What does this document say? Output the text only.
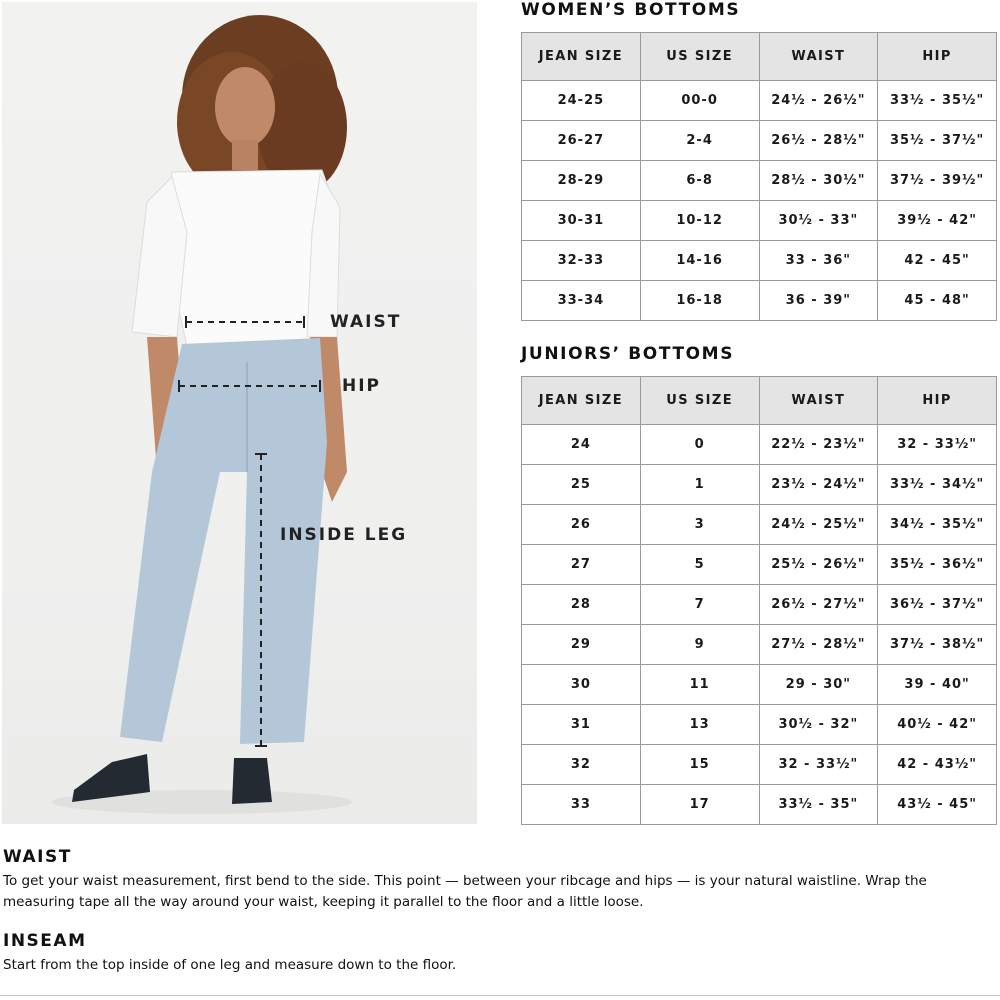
WAIST
HIP
INSIDE LEG
WOMEN’S BOTTOMS
JEAN SIZE	US SIZE	WAIST	HIP
24-25	00-0	24½ - 26½"	33½ - 35½"
26-27	2-4	26½ - 28½"	35½ - 37½"
28-29	6-8	28½ - 30½"	37½ - 39½"
30-31	10-12	30½ - 33"	39½ - 42"
32-33	14-16	33 - 36"	42 - 45"
33-34	16-18	36 - 39"	45 - 48"
JUNIORS’ BOTTOMS
JEAN SIZE	US SIZE	WAIST	HIP
24	0	22½ - 23½"	32 - 33½"
25	1	23½ - 24½"	33½ - 34½"
26	3	24½ - 25½"	34½ - 35½"
27	5	25½ - 26½"	35½ - 36½"
28	7	26½ - 27½"	36½ - 37½"
29	9	27½ - 28½"	37½ - 38½"
30	11	29 - 30"	39 - 40"
31	13	30½ - 32"	40½ - 42"
32	15	32 - 33½"	42 - 43½"
33	17	33½ - 35"	43½ - 45"
WAIST

To get your waist measurement, first bend to the side. This point — between your ribcage and hips — is your natural waistline. Wrap the measuring tape all the way around your waist, keeping it parallel to the floor and a little loose.

INSEAM

Start from the top inside of one leg and measure down to the floor.
